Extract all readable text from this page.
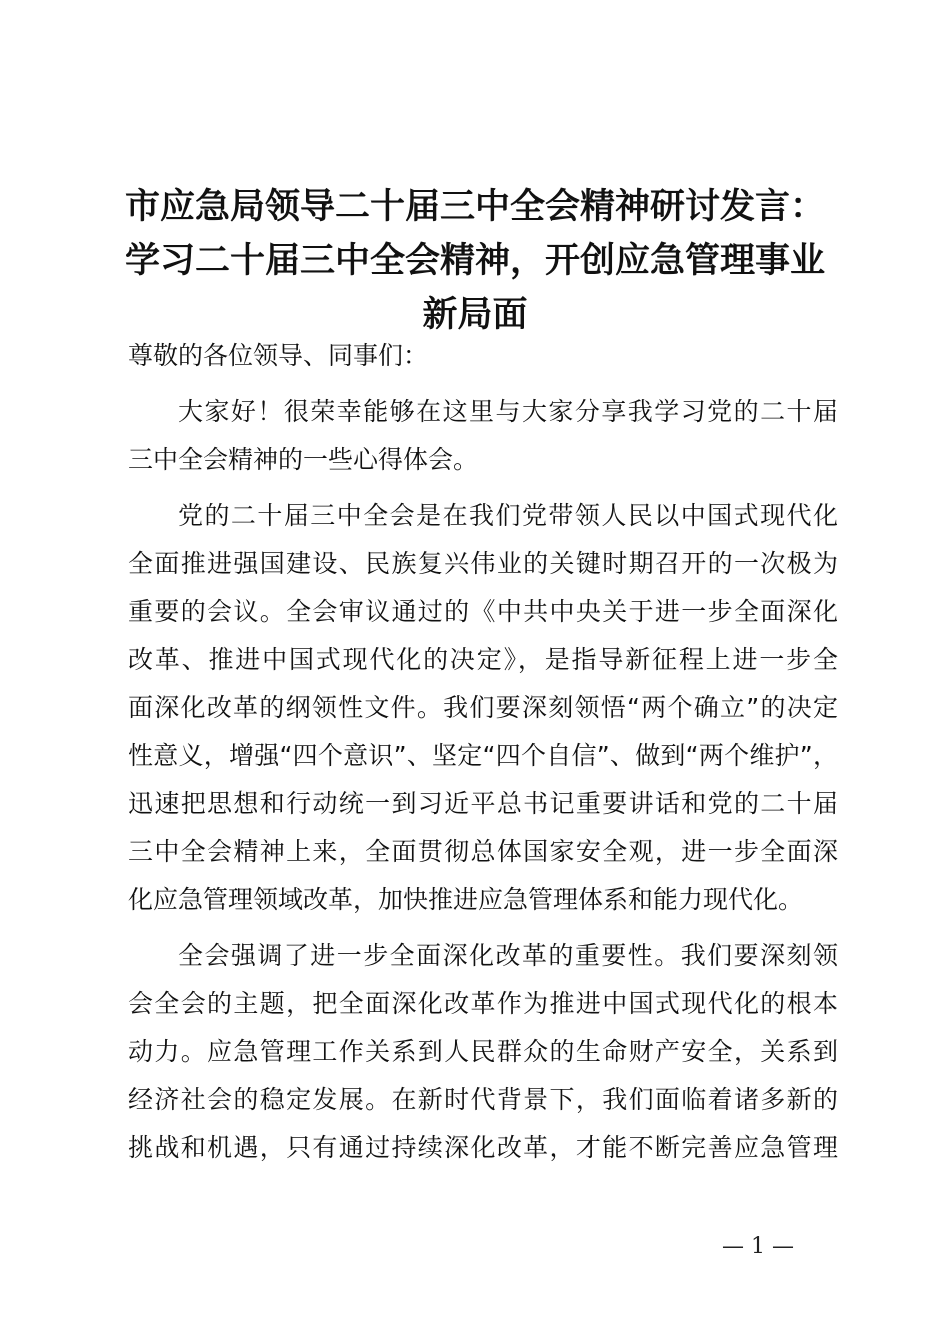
市应急局领导二十届三中全会精神研讨发言：
学习二十届三中全会精神，开创应急管理事业
新局面

尊敬的各位领导、同事们：

大家好！很荣幸能够在这里与大家分享我学习党的二十届
三中全会精神的一些心得体会。

党的二十届三中全会是在我们党带领人民以中国式现代化
全面推进强国建设、民族复兴伟业的关键时期召开的一次极为
重要的会议。全会审议通过的《中共中央关于进一步全面深化
改革、推进中国式现代化的决定》，是指导新征程上进一步全
面深化改革的纲领性文件。我们要深刻领悟“两个确立”的决定
性意义，增强“四个意识”、坚定“四个自信”、做到“两个维护”，
迅速把思想和行动统一到习近平总书记重要讲话和党的二十届
三中全会精神上来，全面贯彻总体国家安全观，进一步全面深
化应急管理领域改革，加快推进应急管理体系和能力现代化。

全会强调了进一步全面深化改革的重要性。我们要深刻领
会全会的主题，把全面深化改革作为推进中国式现代化的根本
动力。应急管理工作关系到人民群众的生命财产安全，关系到
经济社会的稳定发展。在新时代背景下，我们面临着诸多新的
挑战和机遇，只有通过持续深化改革，才能不断完善应急管理

— 1 —
